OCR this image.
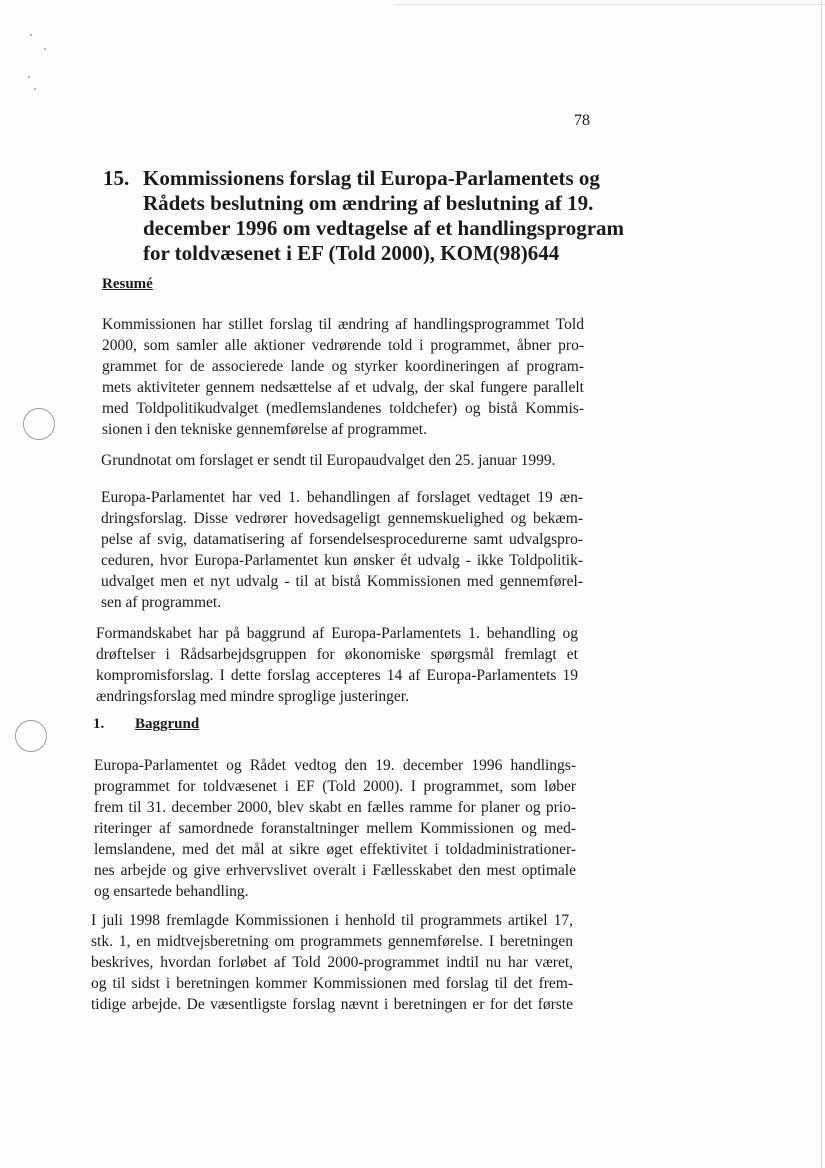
78
15. Kommissionens forslag til Europa-Parlamentets og
Rådets beslutning om ændring af beslutning af 19.
december 1996 om vedtagelse af et handlingsprogram
for toldvæsenet i EF (Told 2000), KOM(98)644
Resumé
Kommissionen har stillet forslag til ændring af handlingsprogrammet Told
2000, som samler alle aktioner vedrørende told i programmet, åbner pro-
grammet for de associerede lande og styrker koordineringen af program-
mets aktiviteter gennem nedsættelse af et udvalg, der skal fungere parallelt
med Toldpolitikudvalget (medlemslandenes toldchefer) og bistå Kommis-
sionen i den tekniske gennemførelse af programmet.
Grundnotat om forslaget er sendt til Europaudvalget den 25. januar 1999.
Europa-Parlamentet har ved 1. behandlingen af forslaget vedtaget 19 æn-
dringsforslag. Disse vedrører hovedsageligt gennemskuelighed og bekæm-
pelse af svig, datamatisering af forsendelsesprocedurerne samt udvalgspro-
ceduren, hvor Europa-Parlamentet kun ønsker ét udvalg - ikke Toldpolitik-
udvalget men et nyt udvalg - til at bistå Kommissionen med gennemførel-
sen af programmet.
Formandskabet har på baggrund af Europa-Parlamentets 1. behandling og
drøftelser i Rådsarbejdsgruppen for økonomiske spørgsmål fremlagt et
kompromisforslag. I dette forslag accepteres 14 af Europa-Parlamentets 19
ændringsforslag med mindre sproglige justeringer.
1. Baggrund
Europa-Parlamentet og Rådet vedtog den 19. december 1996 handlings-
programmet for toldvæsenet i EF (Told 2000). I programmet, som løber
frem til 31. december 2000, blev skabt en fælles ramme for planer og prio-
riteringer af samordnede foranstaltninger mellem Kommissionen og med-
lemslandene, med det mål at sikre øget effektivitet i toldadministrationer-
nes arbejde og give erhvervslivet overalt i Fællesskabet den mest optimale
og ensartede behandling.
I juli 1998 fremlagde Kommissionen i henhold til programmets artikel 17,
stk. 1, en midtvejsberetning om programmets gennemførelse. I beretningen
beskrives, hvordan forløbet af Told 2000-programmet indtil nu har været,
og til sidst i beretningen kommer Kommissionen med forslag til det frem-
tidige arbejde. De væsentligste forslag nævnt i beretningen er for det første
